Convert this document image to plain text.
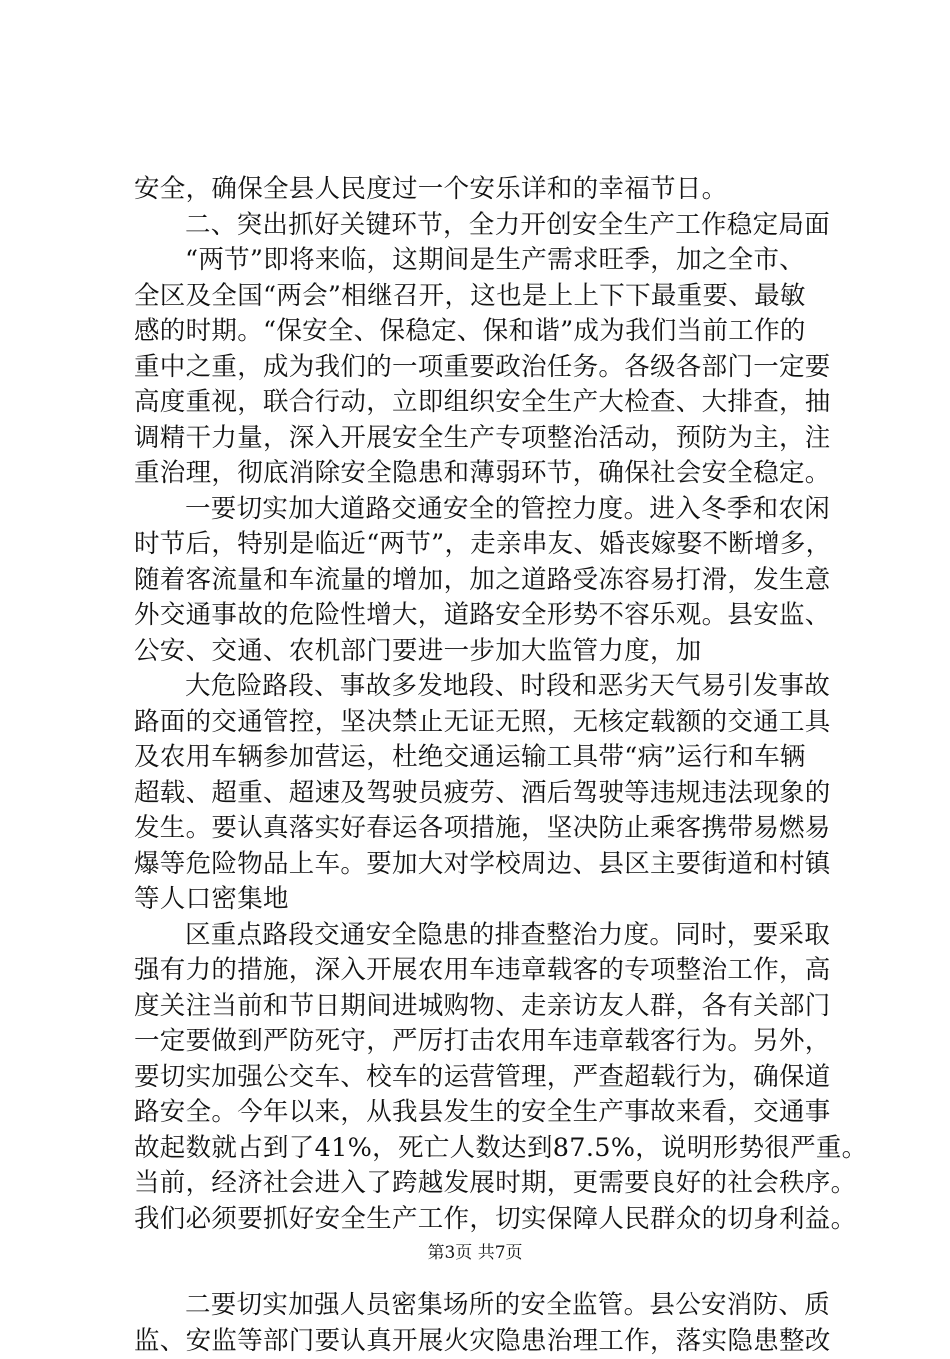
安全，确保全县人民度过一个安乐详和的幸福节日。
二、突出抓好关键环节，全力开创安全生产工作稳定局面
“两节”即将来临，这期间是生产需求旺季，加之全市、
全区及全国“两会”相继召开，这也是上上下下最重要、最敏
感的时期。“保安全、保稳定、保和谐”成为我们当前工作的
重中之重，成为我们的一项重要政治任务。各级各部门一定要
高度重视，联合行动，立即组织安全生产大检查、大排查，抽
调精干力量，深入开展安全生产专项整治活动，预防为主，注
重治理，彻底消除安全隐患和薄弱环节，确保社会安全稳定。
一要切实加大道路交通安全的管控力度。进入冬季和农闲
时节后，特别是临近“两节”，走亲串友、婚丧嫁娶不断增多，
随着客流量和车流量的增加，加之道路受冻容易打滑，发生意
外交通事故的危险性增大，道路安全形势不容乐观。县安监、
公安、交通、农机部门要进一步加大监管力度，加
大危险路段、事故多发地段、时段和恶劣天气易引发事故
路面的交通管控，坚决禁止无证无照，无核定载额的交通工具
及农用车辆参加营运，杜绝交通运输工具带“病”运行和车辆
超载、超重、超速及驾驶员疲劳、酒后驾驶等违规违法现象的
发生。要认真落实好春运各项措施，坚决防止乘客携带易燃易
爆等危险物品上车。要加大对学校周边、县区主要街道和村镇
等人口密集地
区重点路段交通安全隐患的排查整治力度。同时，要采取
强有力的措施，深入开展农用车违章载客的专项整治工作，高
度关注当前和节日期间进城购物、走亲访友人群，各有关部门
一定要做到严防死守，严厉打击农用车违章载客行为。另外，
要切实加强公交车、校车的运营管理，严查超载行为，确保道
路安全。今年以来，从我县发生的安全生产事故来看，交通事
故起数就占到了41%，死亡人数达到87.5%，说明形势很严重。
当前，经济社会进入了跨越发展时期，更需要良好的社会秩序。
我们必须要抓好安全生产工作，切实保障人民群众的切身利益。
二要切实加强人员密集场所的安全监管。县公安消防、质
监、安监等部门要认真开展火灾隐患治理工作，落实隐患整改
第3页 共7页
